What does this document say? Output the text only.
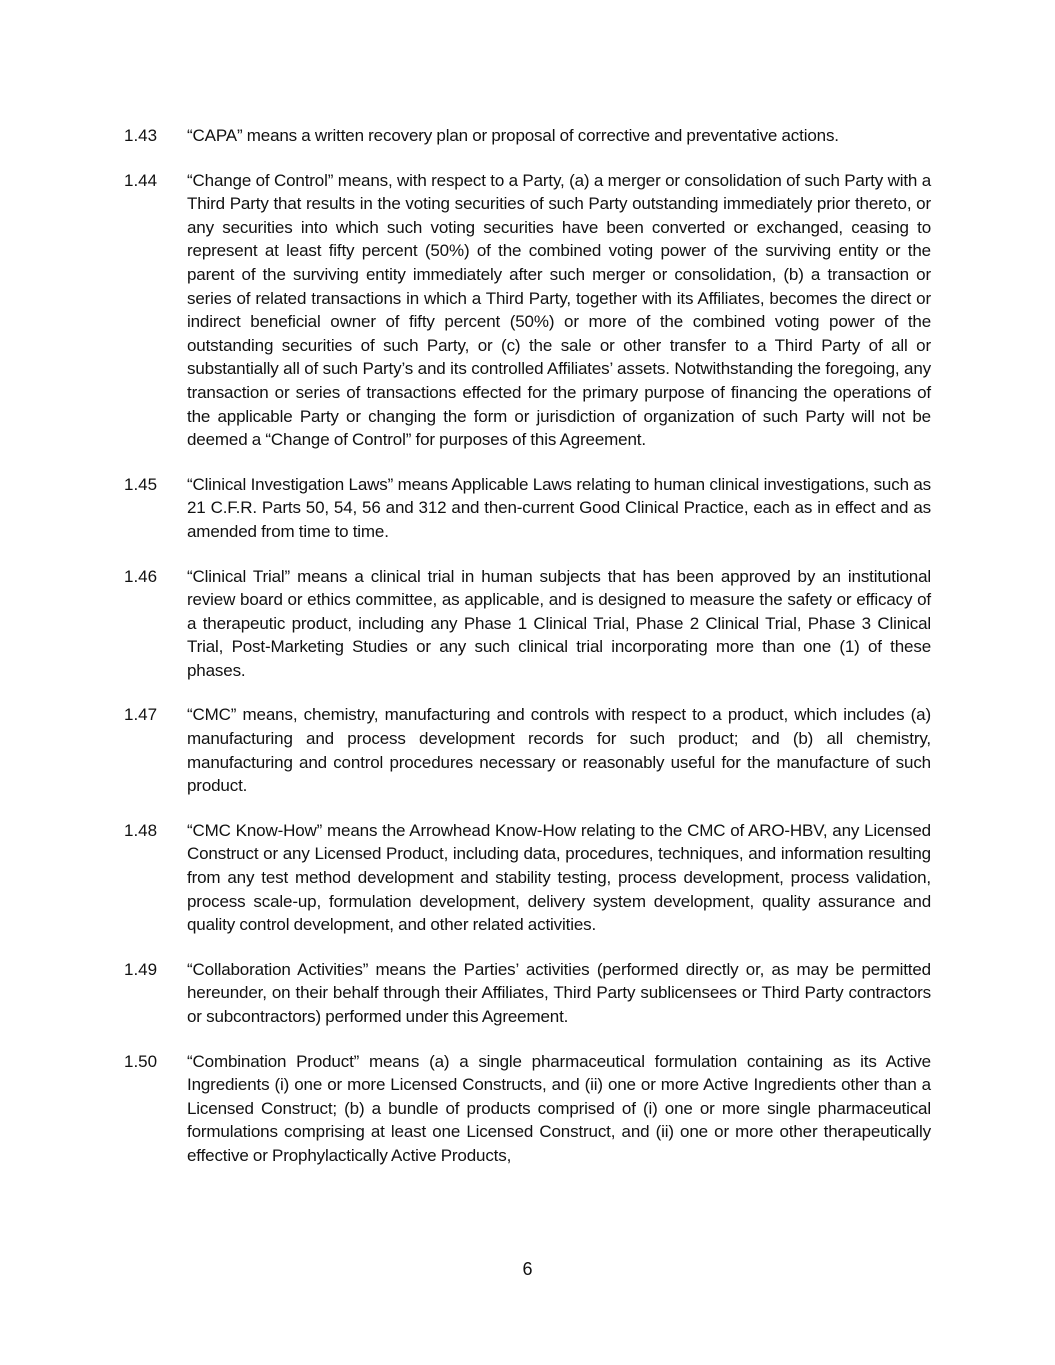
1.43 “CAPA” means a written recovery plan or proposal of corrective and preventative actions.
1.44 “Change of Control” means, with respect to a Party, (a) a merger or consolidation of such Party with a Third Party that results in the voting securities of such Party outstanding immediately prior thereto, or any securities into which such voting securities have been converted or exchanged, ceasing to represent at least fifty percent (50%) of the combined voting power of the surviving entity or the parent of the surviving entity immediately after such merger or consolidation, (b) a transaction or series of related transactions in which a Third Party, together with its Affiliates, becomes the direct or indirect beneficial owner of fifty percent (50%) or more of the combined voting power of the outstanding securities of such Party, or (c) the sale or other transfer to a Third Party of all or substantially all of such Party’s and its controlled Affiliates’ assets. Notwithstanding the foregoing, any transaction or series of transactions effected for the primary purpose of financing the operations of the applicable Party or changing the form or jurisdiction of organization of such Party will not be deemed a “Change of Control” for purposes of this Agreement.
1.45 “Clinical Investigation Laws” means Applicable Laws relating to human clinical investigations, such as 21 C.F.R. Parts 50, 54, 56 and 312 and then-current Good Clinical Practice, each as in effect and as amended from time to time.
1.46 “Clinical Trial” means a clinical trial in human subjects that has been approved by an institutional review board or ethics committee, as applicable, and is designed to measure the safety or efficacy of a therapeutic product, including any Phase 1 Clinical Trial, Phase 2 Clinical Trial, Phase 3 Clinical Trial, Post-Marketing Studies or any such clinical trial incorporating more than one (1) of these phases.
1.47 “CMC” means, chemistry, manufacturing and controls with respect to a product, which includes (a) manufacturing and process development records for such product; and (b) all chemistry, manufacturing and control procedures necessary or reasonably useful for the manufacture of such product.
1.48 “CMC Know-How” means the Arrowhead Know-How relating to the CMC of ARO-HBV, any Licensed Construct or any Licensed Product, including data, procedures, techniques, and information resulting from any test method development and stability testing, process development, process validation, process scale-up, formulation development, delivery system development, quality assurance and quality control development, and other related activities.
1.49 “Collaboration Activities” means the Parties’ activities (performed directly or, as may be permitted hereunder, on their behalf through their Affiliates, Third Party sublicensees or Third Party contractors or subcontractors) performed under this Agreement.
1.50 “Combination Product” means (a) a single pharmaceutical formulation containing as its Active Ingredients (i) one or more Licensed Constructs, and (ii) one or more Active Ingredients other than a Licensed Construct; (b) a bundle of products comprised of (i) one or more single pharmaceutical formulations comprising at least one Licensed Construct, and (ii) one or more other therapeutically effective or Prophylactically Active Products,
6
